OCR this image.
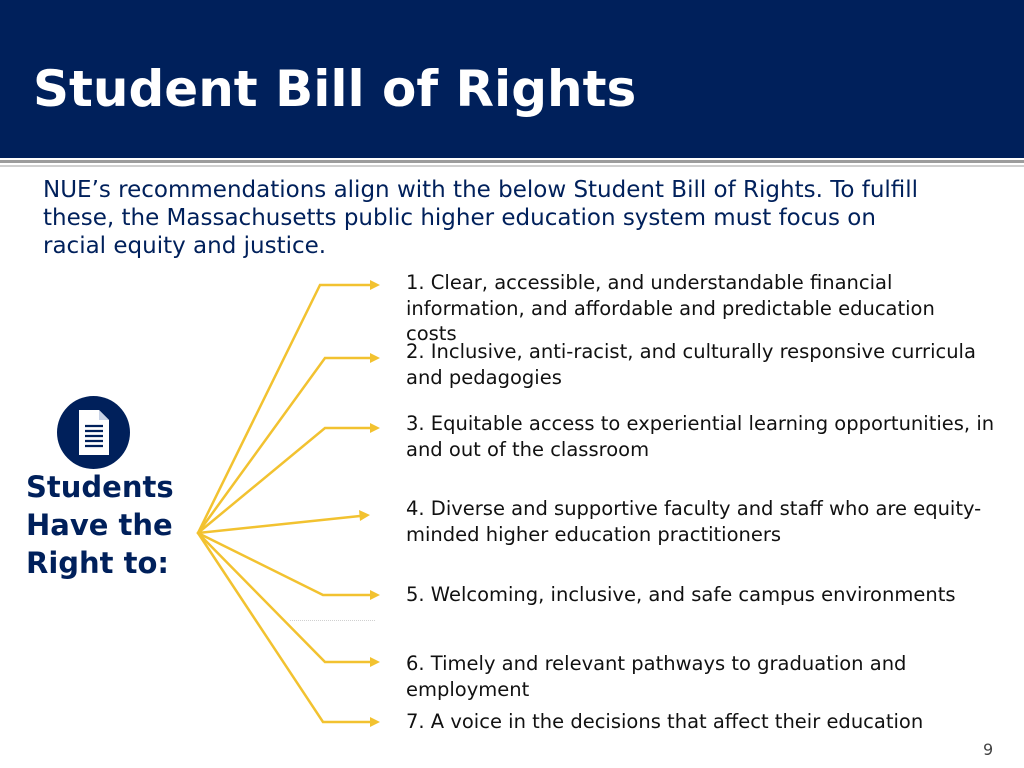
Student Bill of Rights
NUE’s recommendations align with the below Student Bill of Rights. To fulfill
these, the Massachusetts public higher education system must focus on
racial equity and justice.
Students
Have the
Right to:
1. Clear, accessible, and understandable financial
information, and affordable and predictable education
costs
2. Inclusive, anti-racist, and culturally responsive curricula
and pedagogies
3. Equitable access to experiential learning opportunities, in
and out of the classroom
4. Diverse and supportive faculty and staff who are equity-
minded higher education practitioners
5. Welcoming, inclusive, and safe campus environments
6. Timely and relevant pathways to graduation and
employment
7. A voice in the decisions that affect their education
9
